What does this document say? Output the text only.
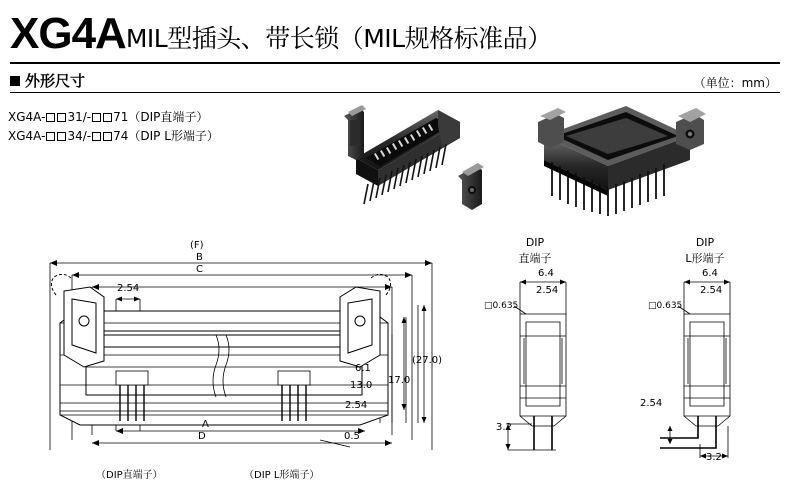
XG4A MIL型插头、带长锁（MIL规格标准品）
外形尺寸	（单位：mm）
XG4A- 31/- 71（DIP直端子）
XG4A- 34/- 74（DIP L形端子）
(F)
B
C
2.54
A
D	0.5
6.1
13.0 17.0
(27.0)
2.54
（DIP直端子）	（DIP L形端子）
DIP
直端子
6.4
□0.635
2.54
3.2
DIP
L形端子
6.4
□0.635
2.54
2.54
3.2
